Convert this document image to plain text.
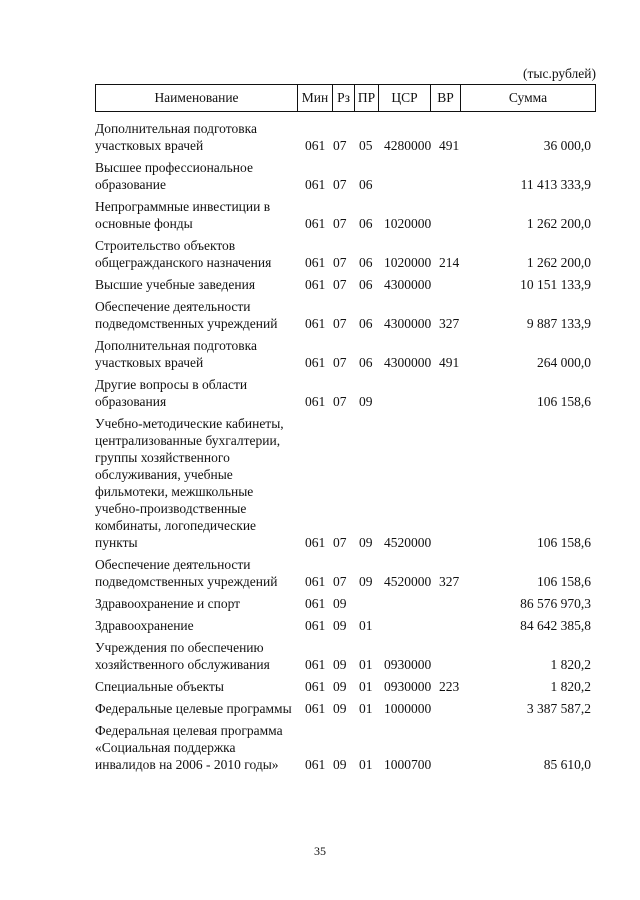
(тыс.рублей)
Наименование	Мин Рз ПР	ЦСР	ВР	Сумма
Дополнительная подготовка участковых врачей	061 07 05 4280000 491	36 000,0
Высшее профессиональное образование	061 07 06	11 413 333,9
Непрограммные инвестиции в основные фонды	061 07 06 1020000	1 262 200,0
Строительство объектов общегражданского назначения	061 07 06 1020000 214	1 262 200,0
Высшие учебные заведения	061 07 06 4300000	10 151 133,9
Обеспечение деятельности подведомственных учреждений	061 07 06 4300000 327	9 887 133,9
Дополнительная подготовка участковых врачей	061 07 06 4300000 491	264 000,0
Другие вопросы в области образования	061 07 09	106 158,6
Учебно-методические кабинеты, централизованные бухгалтерии, группы хозяйственного обслуживания, учебные фильмотеки, межшкольные учебно-производственные комбинаты, логопедические пункты	061 07 09 4520000	106 158,6
Обеспечение деятельности подведомственных учреждений	061 07 09 4520000 327	106 158,6
Здравоохранение и спорт	061 09	86 576 970,3
Здравоохранение	061 09 01	84 642 385,8
Учреждения по обеспечению хозяйственного обслуживания	061 09 01 0930000	1 820,2
Специальные объекты	061 09 01 0930000 223	1 820,2
Федеральные целевые программы 061 09 01 1000000	3 387 587,2
Федеральная целевая программа «Социальная поддержка инвалидов на 2006 - 2010 годы»	061 09 01 1000700	85 610,0
35
